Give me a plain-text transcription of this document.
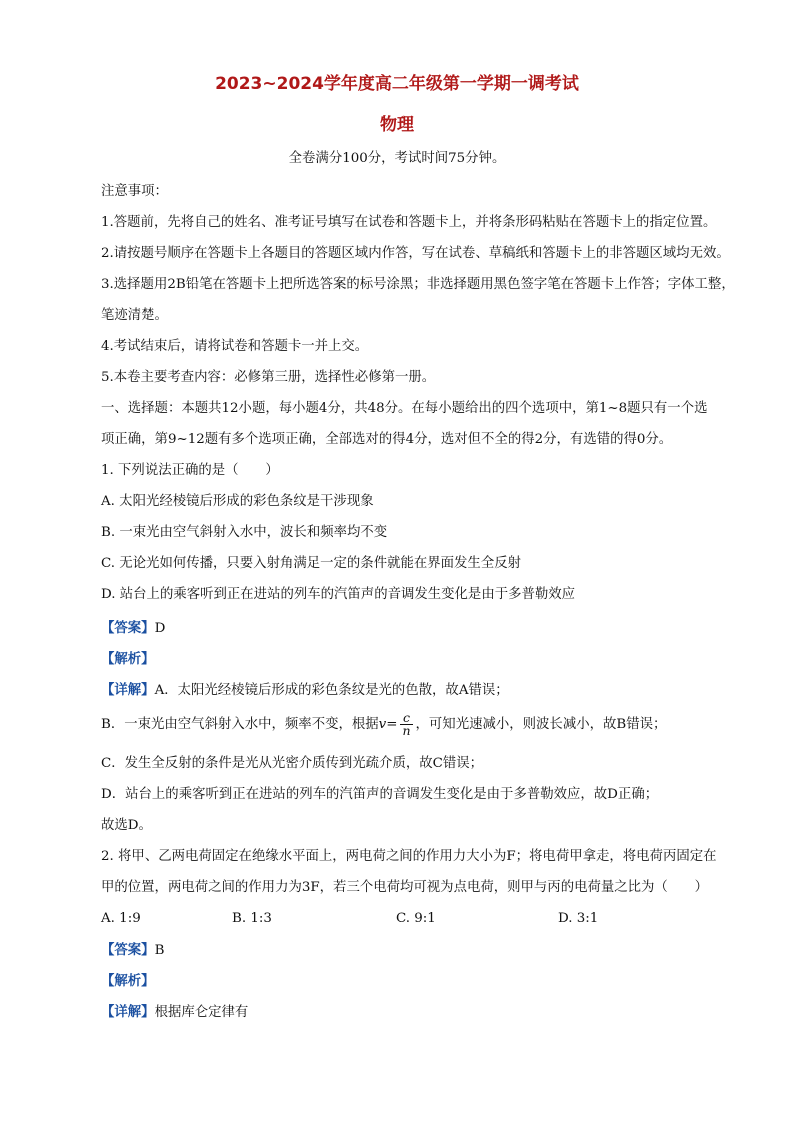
2023~2024学年度高二年级第一学期一调考试
物理
全卷满分100分，考试时间75分钟。
注意事项：
1.答题前，先将自己的姓名、准考证号填写在试卷和答题卡上，并将条形码粘贴在答题卡上的指定位置。
2.请按题号顺序在答题卡上各题目的答题区域内作答，写在试卷、草稿纸和答题卡上的非答题区域均无效。
3.选择题用2B铅笔在答题卡上把所选答案的标号涂黑；非选择题用黑色签字笔在答题卡上作答；字体工整，
笔迹清楚。
4.考试结束后，请将试卷和答题卡一并上交。
5.本卷主要考查内容：必修第三册，选择性必修第一册。
一、选择题：本题共12小题，每小题4分，共48分。在每小题给出的四个选项中，第1~8题只有一个选
项正确，第9~12题有多个选项正确，全部选对的得4分，选对但不全的得2分，有选错的得0分。
1. 下列说法正确的是（　　）
A. 太阳光经棱镜后形成的彩色条纹是干涉现象
B. 一束光由空气斜射入水中，波长和频率均不变
C. 无论光如何传播，只要入射角满足一定的条件就能在界面发生全反射
D. 站台上的乘客听到正在进站的列车的汽笛声的音调发生变化是由于多普勒效应
【答案】D
【解析】
【详解】A．太阳光经棱镜后形成的彩色条纹是光的色散，故A错误；
B．一束光由空气斜射入水中，频率不变，根据$v= \frac{c}{n}$ ，可知光速减小，则波长减小，故B错误；
C．发生全反射的条件是光从光密介质传到光疏介质，故C错误；
D．站台上的乘客听到正在进站的列车的汽笛声的音调发生变化是由于多普勒效应，故D正确；
故选D。
2. 将甲、乙两电荷固定在绝缘水平面上，两电荷之间的作用力大小为F；将电荷甲拿走，将电荷丙固定在
甲的位置，两电荷之间的作用力为3F，若三个电荷均可视为点电荷，则甲与丙的电荷量之比为（　　）
A. 1:9	B. 1:3	C. 9:1	D. 3:1
【答案】B
【解析】
【详解】根据库仑定律有
